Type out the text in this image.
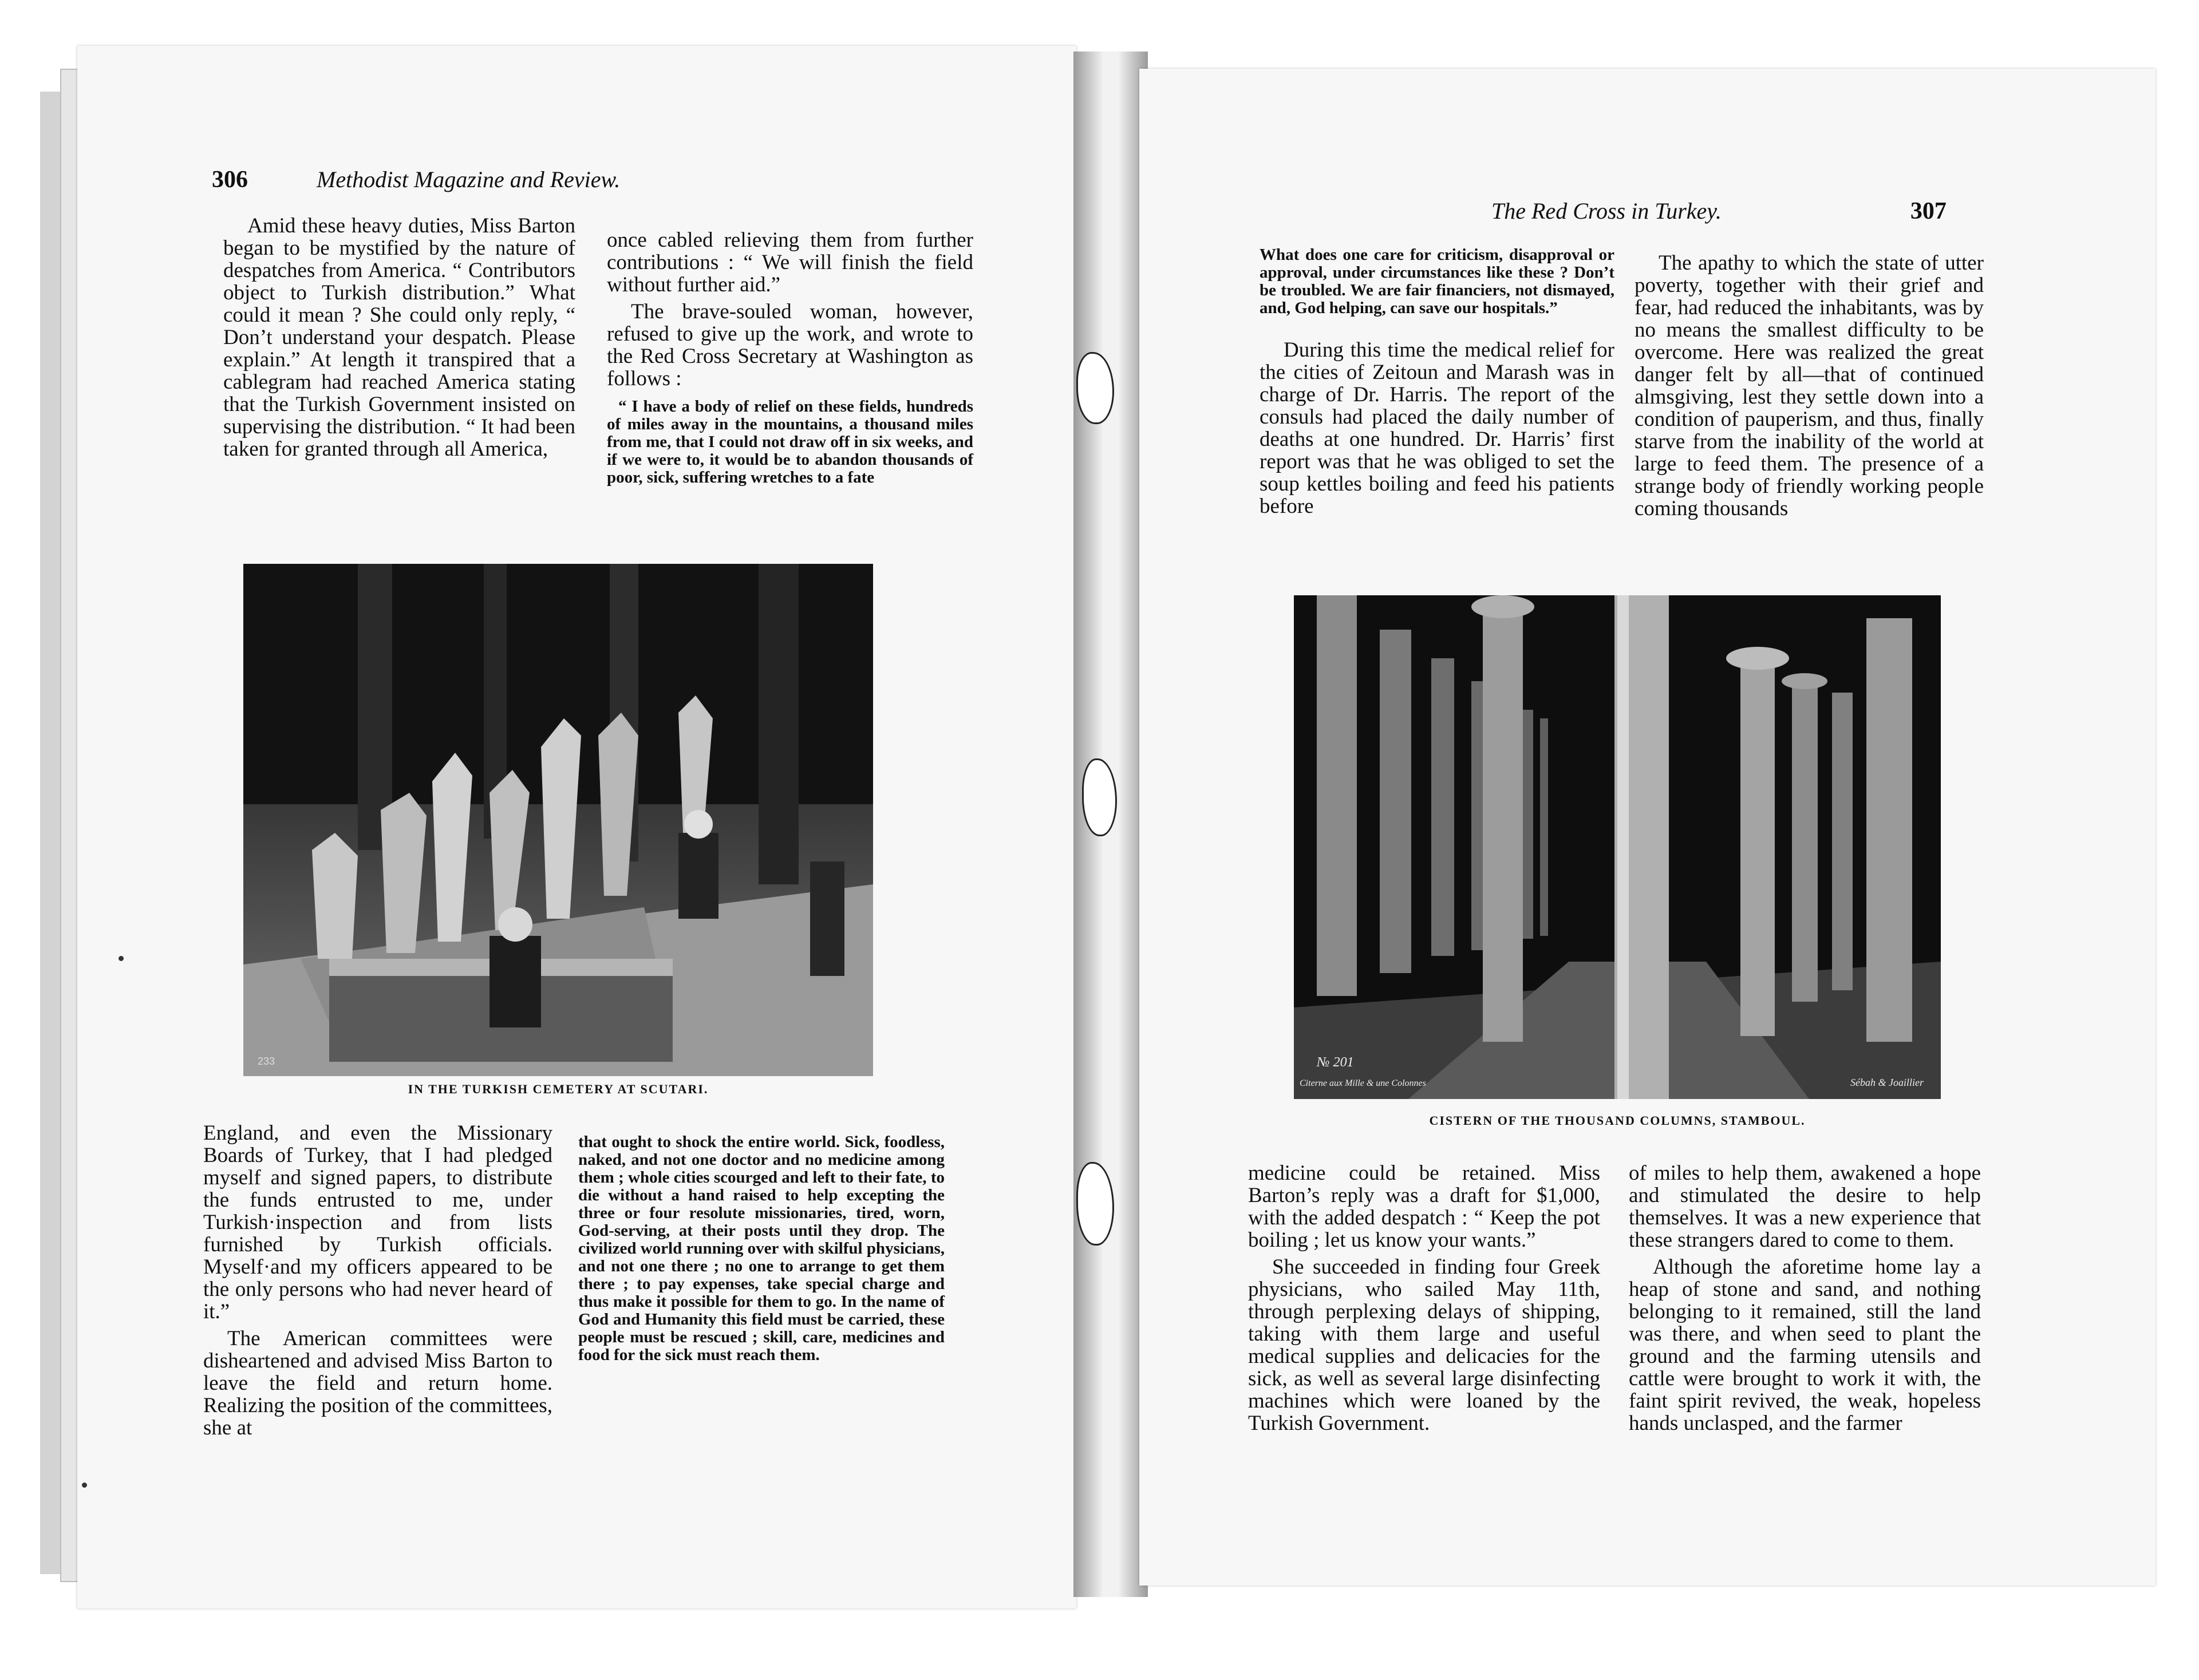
306	Methodist Magazine and Review.

Amid these heavy duties, Miss Barton began to be mystified by the nature of despatches from America. “ Contributors object to Turkish distribution.” What could it mean ? She could only reply, “ Don’t understand your despatch. Please explain.” At length it transpired that a cablegram had reached America stating that the Turkish Government insisted on supervising the distribution. “ It had been taken for granted through all America,

once cabled relieving them from further contributions : “ We will finish the field without further aid.”

The brave-souled woman, however, refused to give up the work, and wrote to the Red Cross Secretary at Washington as follows :

“ I have a body of relief on these fields, hundreds of miles away in the mountains, a thousand miles from me, that I could not draw off in six weeks, and if we were to, it would be to abandon thousands of poor, sick, suffering wretches to a fate

233
IN THE TURKISH CEMETERY AT SCUTARI.

England, and even the Missionary Boards of Turkey, that I had pledged myself and signed papers, to distribute the funds entrusted to me, under Turkish·inspection and from lists furnished by Turkish officials. Myself·and my officers appeared to be the only persons who had never heard of it.”

The American committees were disheartened and advised Miss Barton to leave the field and return home. Realizing the position of the committees, she at

that ought to shock the entire world. Sick, foodless, naked, and not one doctor and no medicine among them ; whole cities scourged and left to their fate, to die without a hand raised to help excepting the three or four resolute missionaries, tired, worn, God-serving, at their posts until they drop. The civilized world running over with skilful physicians, and not one there ; no one to arrange to get them there ; to pay expenses, take special charge and thus make it possible for them to go. In the name of God and Humanity this field must be carried, these people must be rescued ; skill, care, medicines and food for the sick must reach them.

The Red Cross in Turkey.	307

What does one care for criticism, disapproval or approval, under circumstances like these ? Don’t be troubled. We are fair financiers, not dismayed, and, God helping, can save our hospitals.”

During this time the medical relief for the cities of Zeitoun and Marash was in charge of Dr. Harris. The report of the consuls had placed the daily number of deaths at one hundred. Dr. Harris’ first report was that he was obliged to set the soup kettles boiling and feed his patients before

The apathy to which the state of utter poverty, together with their grief and fear, had reduced the inhabitants, was by no means the smallest difficulty to be overcome. Here was realized the great danger felt by all—that of continued almsgiving, lest they settle down into a condition of pauperism, and thus, finally starve from the inability of the world at large to feed them. The presence of a strange body of friendly working people coming thousands

№ 201
Citerne aux Mille & une Colonnes	Sébah & Joaillier
CISTERN OF THE THOUSAND COLUMNS, STAMBOUL.

medicine could be retained. Miss Barton’s reply was a draft for $1,000, with the added despatch : “ Keep the pot boiling ; let us know your wants.”

She succeeded in finding four Greek physicians, who sailed May 11th, through perplexing delays of shipping, taking with them large and useful medical supplies and delicacies for the sick, as well as several large disinfecting machines which were loaned by the Turkish Government.

of miles to help them, awakened a hope and stimulated the desire to help themselves. It was a new experience that these strangers dared to come to them.

Although the aforetime home lay a heap of stone and sand, and nothing belonging to it remained, still the land was there, and when seed to plant the ground and the farming utensils and cattle were brought to work it with, the faint spirit revived, the weak, hopeless hands unclasped, and the farmer
